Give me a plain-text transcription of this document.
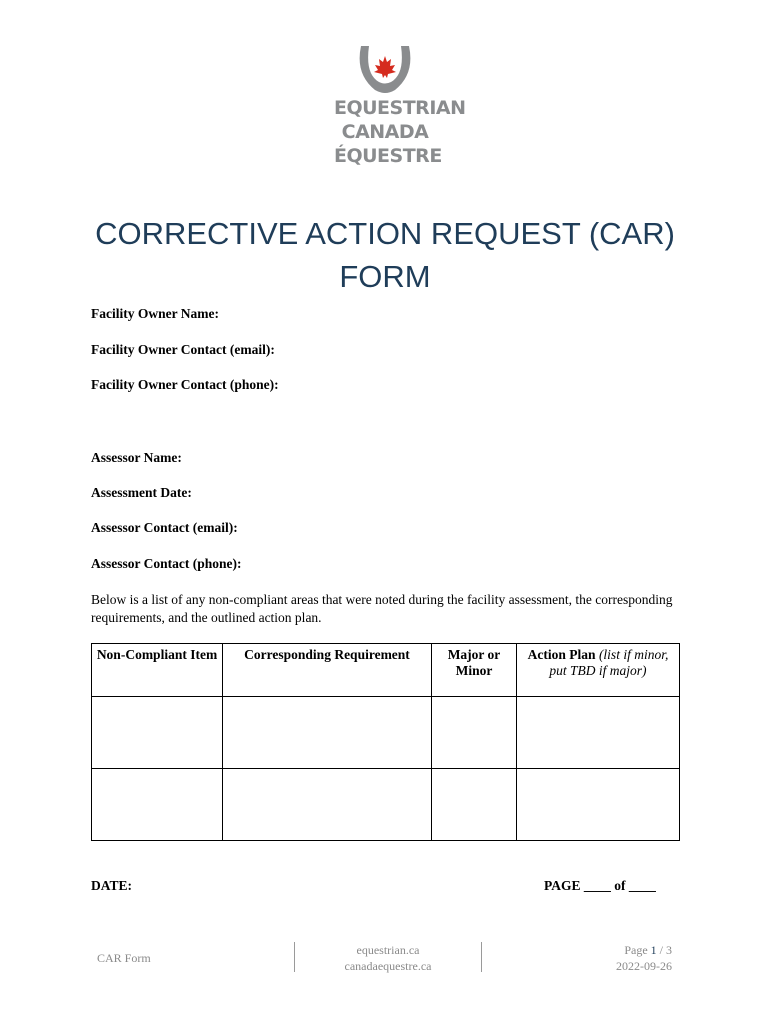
EQUESTRIAN
CANADA
ÉQUESTRE
CORRECTIVE ACTION REQUEST (CAR)
FORM
Facility Owner Name:
Facility Owner Contact (email):
Facility Owner Contact (phone):
Assessor Name:
Assessment Date:
Assessor Contact (email):
Assessor Contact (phone):
Below is a list of any non-compliant areas that were noted during the facility assessment, the corresponding requirements, and the outlined action plan.
Non-Compliant Item	Corresponding Requirement	Major or Minor	Action Plan (list if minor, put TBD if major)

DATE:	PAGE ____ of ____
CAR Form
equestrian.ca
canadaequestre.ca
Page 1 / 3
2022-09-26
